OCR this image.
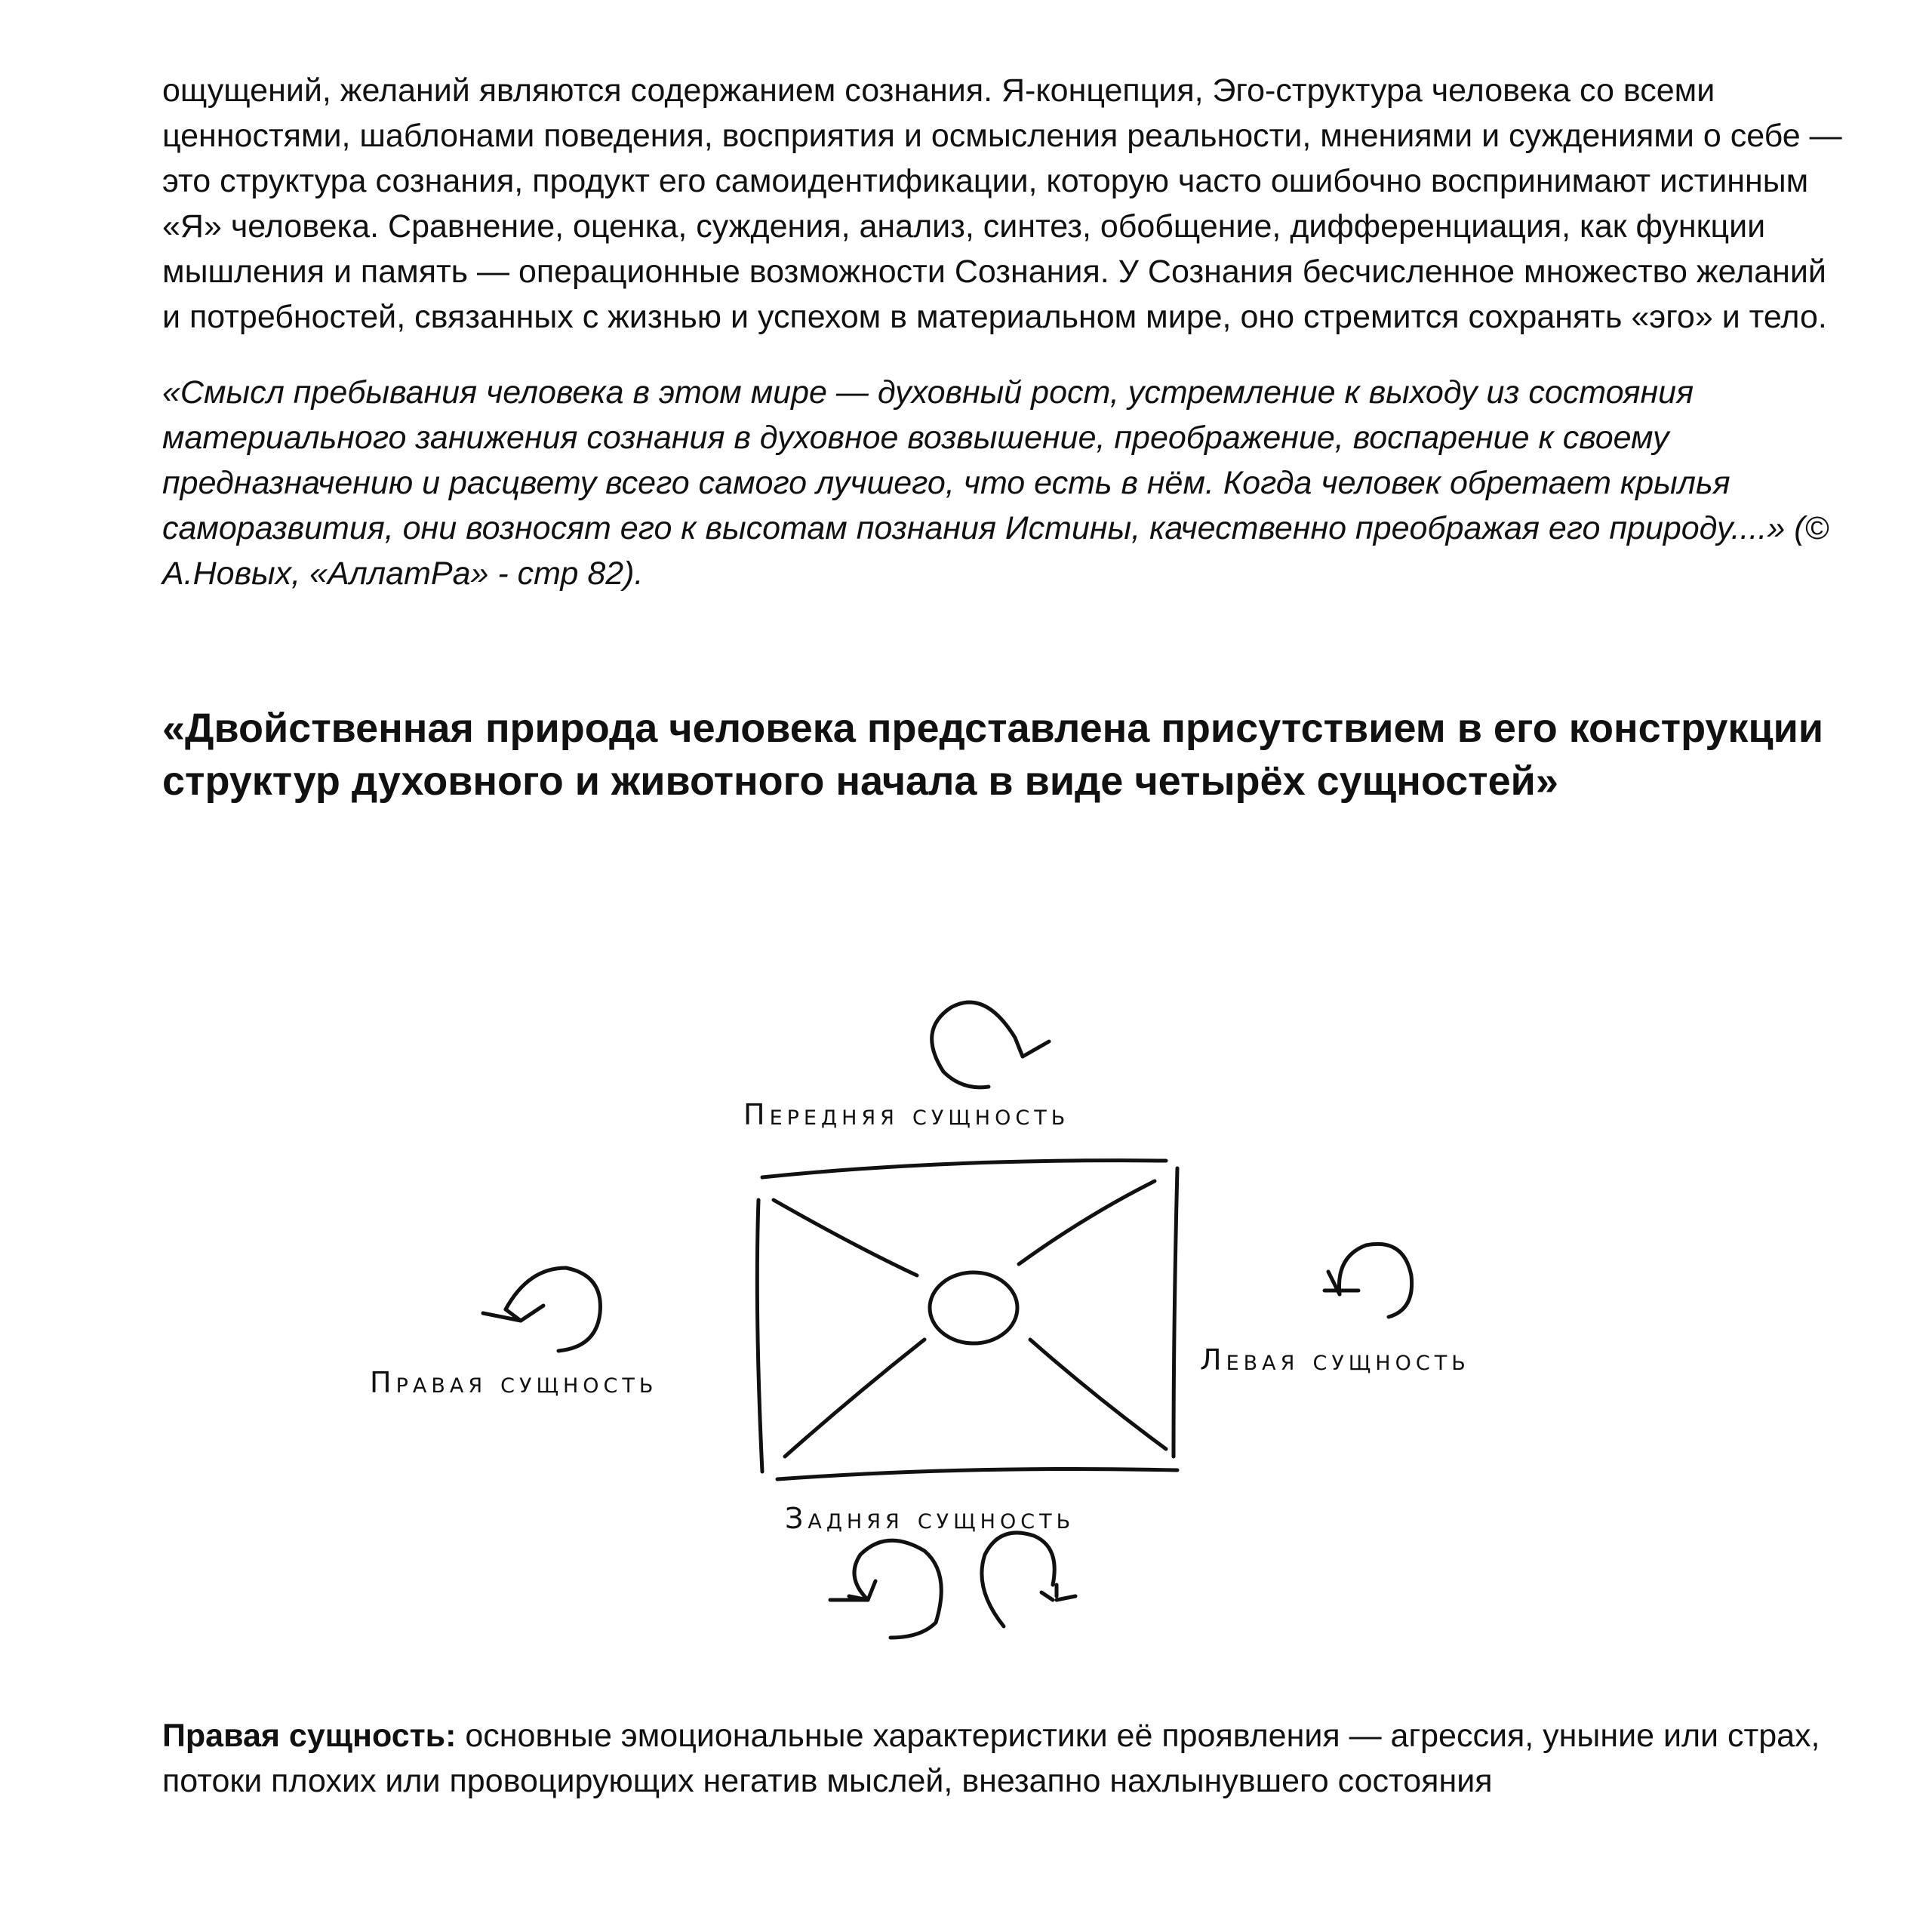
ощущений, желаний являются содержанием сознания. Я-концепция, Эго-структура человека со всеми ценностями, шаблонами поведения, восприятия и осмысления реальности, мнениями и суждениями о себе — это структура сознания, продукт его самоидентификации, которую часто ошибочно воспринимают истинным «Я» человека. Сравнение, оценка, суждения, анализ, синтез, обобщение, дифференциация, как функции мышления и память — операционные возможности Сознания. У Сознания бесчисленное множество желаний и потребностей, связанных с жизнью и успехом в материальном мире, оно стремится сохранять «эго» и тело.

«Смысл пребывания человека в этом мире — духовный рост, устремление к выходу из состояния материального занижения сознания в духовное возвышение, преображение, воспарение к своему предназначению и расцвету всего самого лучшего, что есть в нём. Когда человек обретает крылья саморазвития, они возносят его к высотам познания Истины, качественно преображая его природу....» (© А.Новых, «АллатРа» - стр 82).

«Двойственная природа человека представлена присутствием в его конструкции структур духовного и животного начала в виде четырёх сущностей»

Передняя сущность
Правая сущность
Левая сущность
Задняя сущность
Правая сущность: основные эмоциональные характеристики её проявления — агрессия, уныние или страх, потоки плохих или провоцирующих негатив мыслей, внезапно нахлынувшего состояния
